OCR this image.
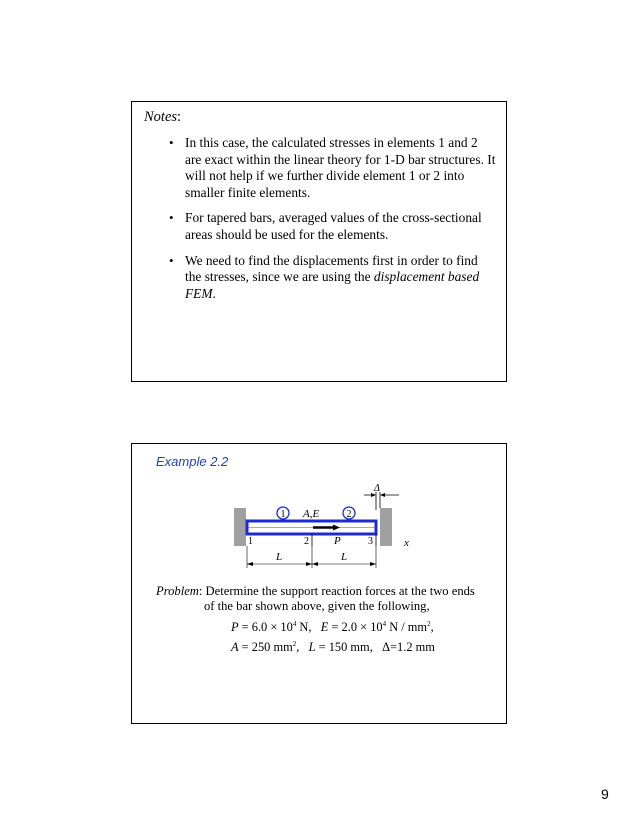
Notes:
• In this case, the calculated stresses in elements 1 and 2 are exact within the linear theory for 1-D bar structures. It will not help if we further divide element 1 or 2 into smaller finite elements.
• For tapered bars, averaged values of the cross-sectional areas should be used for the elements.
• We need to find the displacements first in order to find the stresses, since we are using the displacement based FEM.
Example 2.2
1 A,E	2
1	2 P	3	x
Δ
L	L
Problem: Determine the support reaction forces at the two ends
of the bar shown above, given the following,
$P = 6.0 \times 10^4$ N, $E = 2.0 \times 10^4$ N / $mm^2$,
A = 250 $mm^2$, L = 150 mm, Δ=1.2 mm
9
